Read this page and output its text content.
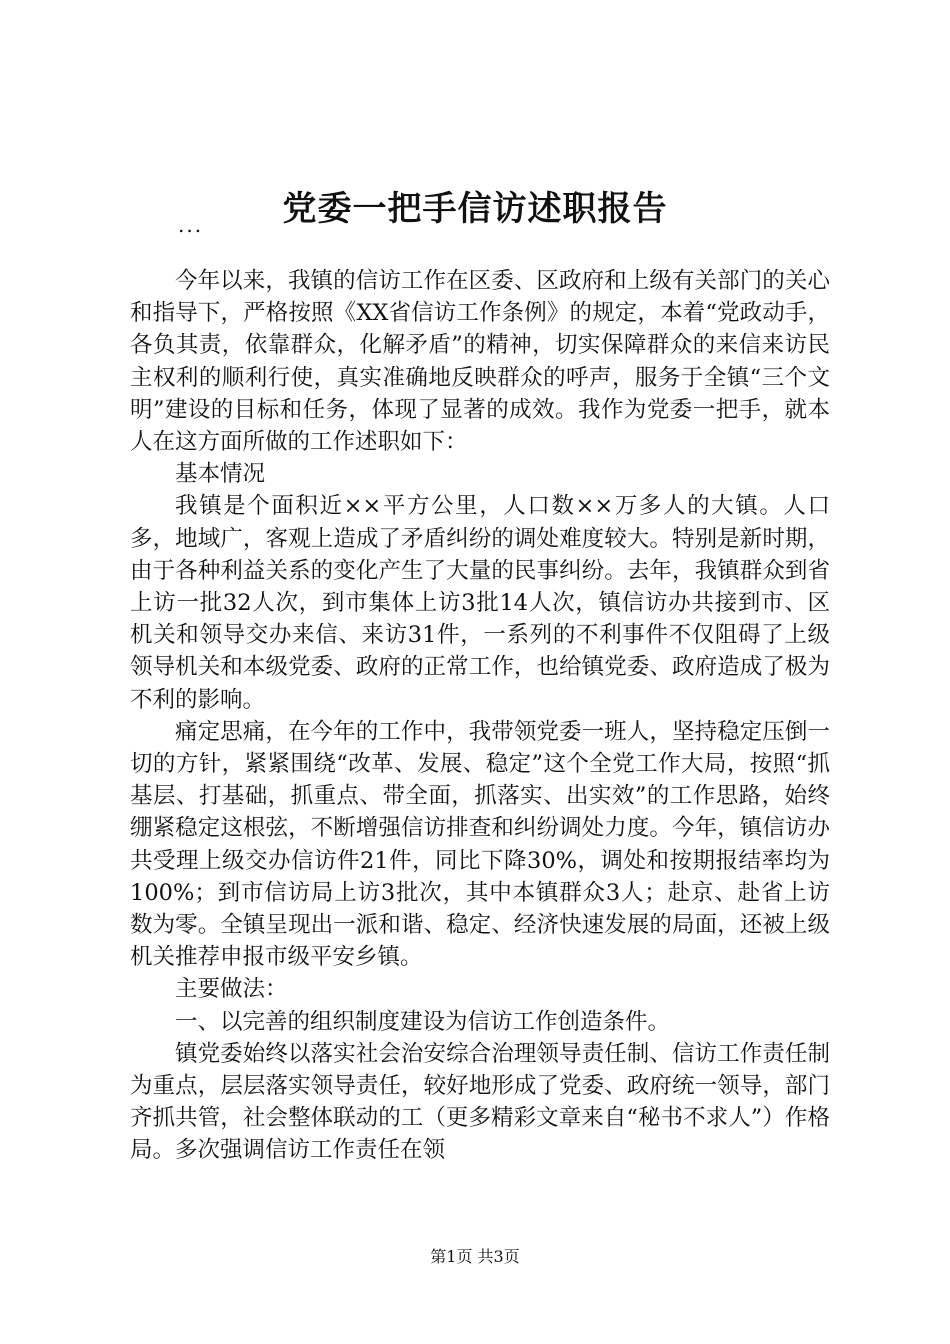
党委一把手信访述职报告
...

今年以来，我镇的信访工作在区委、区政府和上级有关部门的关心和指导下，严格按照《XX省信访工作条例》的规定，本着“党政动手，各负其责，依靠群众，化解矛盾”的精神，切实保障群众的来信来访民主权利的顺利行使，真实准确地反映群众的呼声，服务于全镇“三个文明”建设的目标和任务，体现了显著的成效。我作为党委一把手，就本人在这方面所做的工作述职如下：

基本情况

我镇是个面积近××平方公里，人口数××万多人的大镇。人口多，地域广，客观上造成了矛盾纠纷的调处难度较大。特别是新时期，由于各种利益关系的变化产生了大量的民事纠纷。去年，我镇群众到省上访一批32人次，到市集体上访3批14人次，镇信访办共接到市、区机关和领导交办来信、来访31件，一系列的不利事件不仅阻碍了上级领导机关和本级党委、政府的正常工作，也给镇党委、政府造成了极为不利的影响。

痛定思痛，在今年的工作中，我带领党委一班人，坚持稳定压倒一切的方针，紧紧围绕“改革、发展、稳定”这个全党工作大局，按照“抓基层、打基础，抓重点、带全面，抓落实、出实效”的工作思路，始终绷紧稳定这根弦，不断增强信访排查和纠纷调处力度。今年，镇信访办共受理上级交办信访件21件，同比下降30%，调处和按期报结率均为100%；到市信访局上访3批次，其中本镇群众3人；赴京、赴省上访数为零。全镇呈现出一派和谐、稳定、经济快速发展的局面，还被上级机关推荐申报市级平安乡镇。

主要做法：

一、以完善的组织制度建设为信访工作创造条件。

镇党委始终以落实社会治安综合治理领导责任制、信访工作责任制为重点，层层落实领导责任，较好地形成了党委、政府统一领导，部门齐抓共管，社会整体联动的工（更多精彩文章来自“秘书不求人”）作格局。多次强调信访工作责任在领

第1页 共3页
